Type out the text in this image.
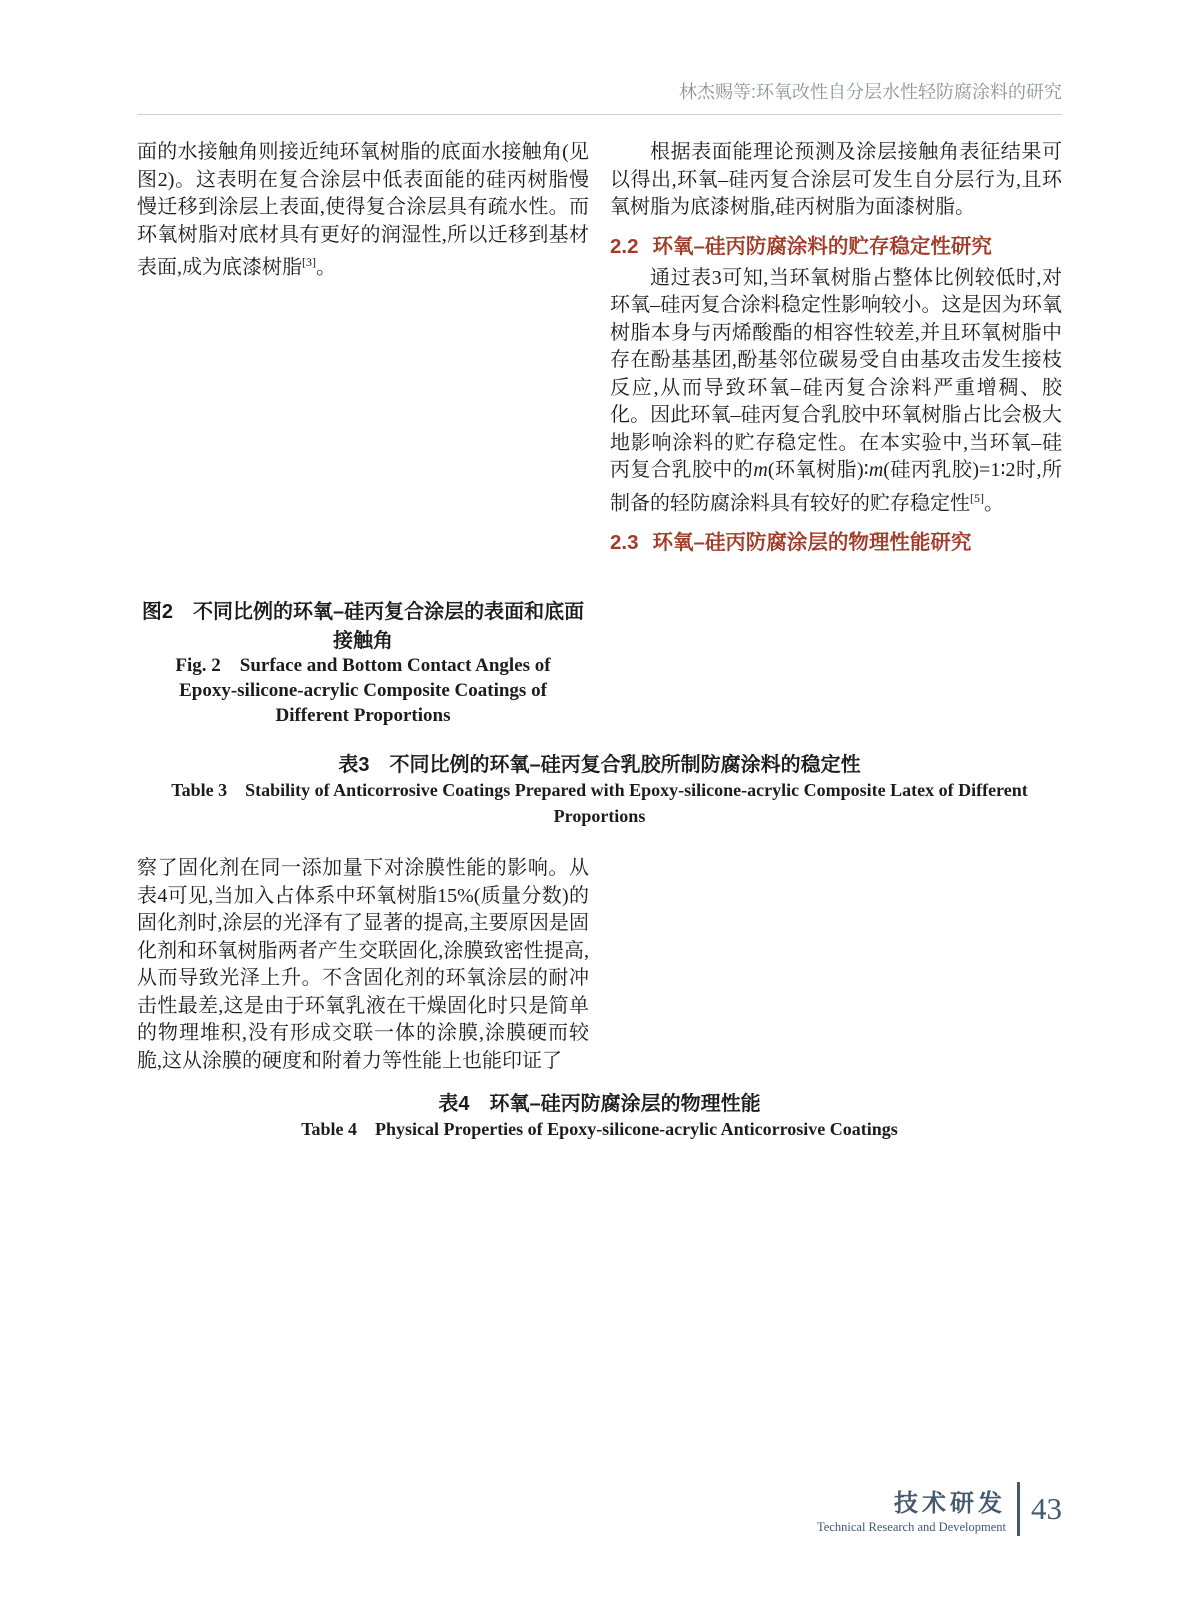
林杰赐等:环氧改性自分层水性轻防腐涂料的研究

面的水接触角则接近纯环氧树脂的底面水接触角(见图2)。这表明在复合涂层中低表面能的硅丙树脂慢慢迁移到涂层上表面,使得复合涂层具有疏水性。而环氧树脂对底材具有更好的润湿性,所以迁移到基材表面,成为底漆树脂[3]。

图2　不同比例的环氧–硅丙复合涂层的表面和底面接触角
Fig. 2　Surface and Bottom Contact Angles of
Epoxy-silicone-acrylic Composite Coatings of
Different Proportions

根据表面能理论预测及涂层接触角表征结果可以得出,环氧–硅丙复合涂层可发生自分层行为,且环氧树脂为底漆树脂,硅丙树脂为面漆树脂。

2.2 环氧–硅丙防腐涂料的贮存稳定性研究

通过表3可知,当环氧树脂占整体比例较低时,对环氧–硅丙复合涂料稳定性影响较小。这是因为环氧树脂本身与丙烯酸酯的相容性较差,并且环氧树脂中存在酚基基团,酚基邻位碳易受自由基攻击发生接枝反应,从而导致环氧–硅丙复合涂料严重增稠、胶化。因此环氧–硅丙复合乳胶中环氧树脂占比会极大地影响涂料的贮存稳定性。在本实验中,当环氧–硅丙复合乳胶中的m(环氧树脂)∶m(硅丙乳胶)=1∶2时,所制备的轻防腐涂料具有较好的贮存稳定性[5]。

2.3 环氧–硅丙防腐涂层的物理性能研究

表3　不同比例的环氧–硅丙复合乳胶所制防腐涂料的稳定性
Table 3　Stability of Anticorrosive Coatings Prepared with Epoxy-silicone-acrylic Composite Latex of Different
Proportions

察了固化剂在同一添加量下对涂膜性能的影响。从表4可见,当加入占体系中环氧树脂15%(质量分数)的固化剂时,涂层的光泽有了显著的提高,主要原因是固化剂和环氧树脂两者产生交联固化,涂膜致密性提高,从而导致光泽上升。不含固化剂的环氧涂层的耐冲击性最差,这是由于环氧乳液在干燥固化时只是简单的物理堆积,没有形成交联一体的涂膜,涂膜硬而较脆,这从涂膜的硬度和附着力等性能上也能印证了

表4　环氧–硅丙防腐涂层的物理性能
Table 4　Physical Properties of Epoxy-silicone-acrylic Anticorrosive Coatings
技术研发
Technical Research and Development
43
